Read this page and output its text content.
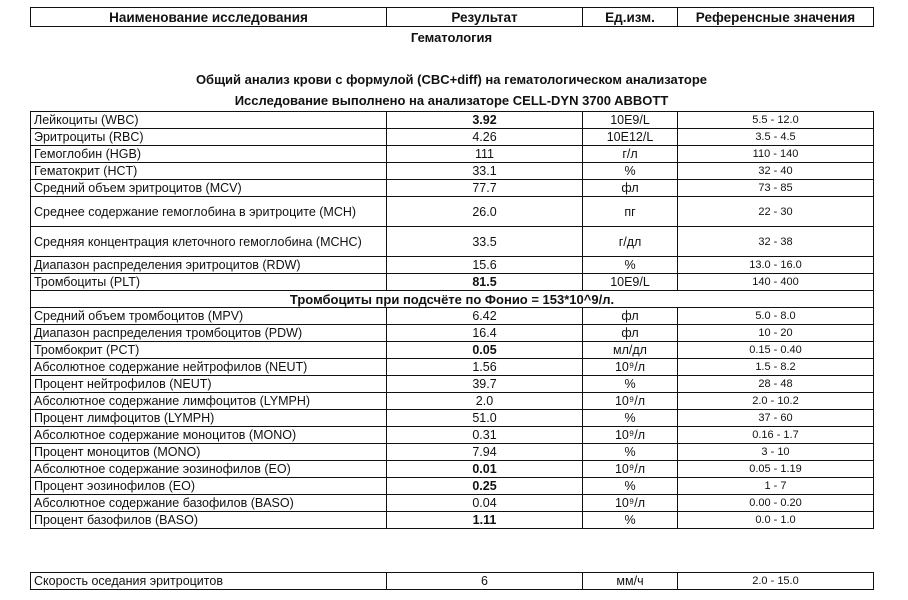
Наименование исследования	Результат	Ед.изм.	Референсные значения
Гематология
Общий анализ крови с формулой (CBC+diff) на гематологическом анализаторе
Исследование выполнено на анализаторе CELL-DYN 3700 ABBOTT
Лейкоциты (WBC)	3.92	10E9/L	5.5 - 12.0
Эритроциты (RBC)	4.26	10E12/L	3.5 - 4.5
Гемоглобин (HGB)	111	г/л	110 - 140
Гематокрит (HCT)	33.1	%	32 - 40
Средний объем эритроцитов (MCV)	77.7	фл	73 - 85
Среднее содержание гемоглобина в эритроците (MCH)	26.0	пг	22 - 30
Средняя концентрация клеточного гемоглобина (MCHC)	33.5	г/дл	32 - 38
Диапазон распределения эритроцитов (RDW)	15.6	%	13.0 - 16.0
Тромбоциты (PLT)	81.5	10E9/L	140 - 400
Тромбоциты при подсчёте по Фонио = 153*10^9/л.			
Средний объем тромбоцитов (MPV)	6.42	фл	5.0 - 8.0
Диапазон распределения тромбоцитов (PDW)	16.4	фл	10 - 20
Тромбокрит (PCT)	0.05	мл/дл	0.15 - 0.40
Абсолютное содержание нейтрофилов (NEUT)	1.56	10⁹/л	1.5 - 8.2
Процент нейтрофилов (NEUT)	39.7	%	28 - 48
Абсолютное содержание лимфоцитов (LYMPH)	2.0	10⁹/л	2.0 - 10.2
Процент лимфоцитов (LYMPH)	51.0	%	37 - 60
Абсолютное содержание моноцитов (MONO)	0.31	10⁹/л	0.16 - 1.7
Процент моноцитов (MONO)	7.94	%	3 - 10
Абсолютное содержание эозинофилов (EO)	0.01	10⁹/л	0.05 - 1.19
Процент эозинофилов (EO)	0.25	%	1 - 7
Абсолютное содержание базофилов (BASO)	0.04	10⁹/л	0.00 - 0.20
Процент базофилов (BASO)	1.11	%	0.0 - 1.0
Скорость оседания эритроцитов	6	мм/ч	2.0 - 15.0
